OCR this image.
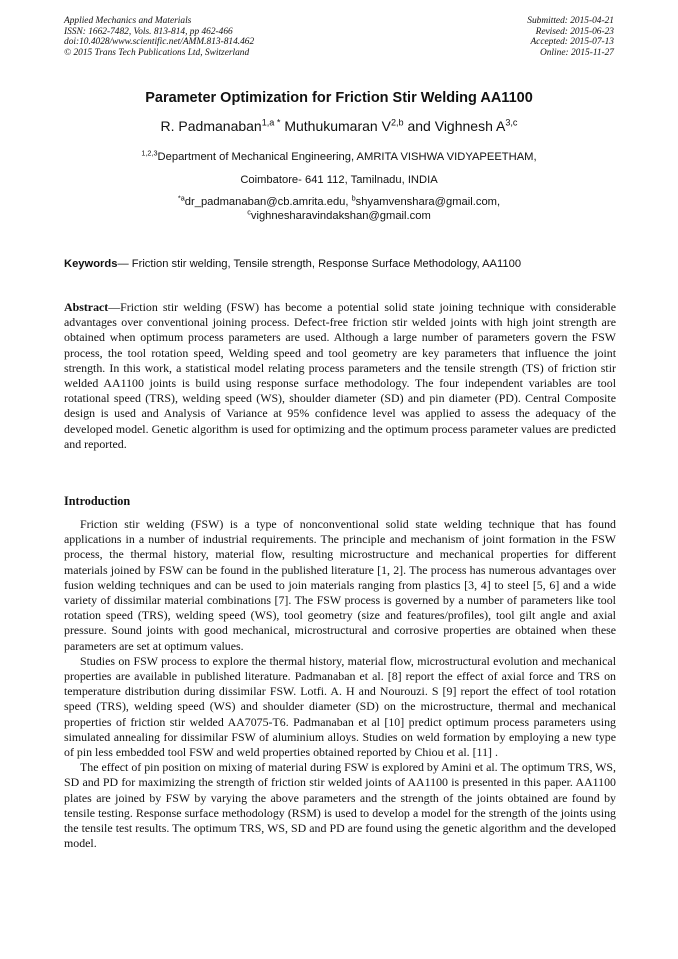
Applied Mechanics and Materials
ISSN: 1662-7482, Vols. 813-814, pp 462-466
doi:10.4028/www.scientific.net/AMM.813-814.462
© 2015 Trans Tech Publications Ltd, Switzerland
Submitted: 2015-04-21
Revised: 2015-06-23
Accepted: 2015-07-13
Online: 2015-11-27
Parameter Optimization for Friction Stir Welding AA1100
R. Padmanaban$^{1,a *}$ Muthukumaran V$^{2,b}$ and Vighnesh A$^{3,c}$
$^{1,2,3}$Department of Mechanical Engineering, AMRITA VISHWA VIDYAPEETHAM,
Coimbatore- 641 112, Tamilnadu, INDIA
$^{*a}$dr_padmanaban@cb.amrita.edu, $^b$shyamvenshara@gmail.com,
$^c$vighnesharavindakshan@gmail.com
Keywords— Friction stir welding, Tensile strength, Response Surface Methodology, AA1100

Abstract—Friction stir welding (FSW) has become a potential solid state joining technique with considerable advantages over conventional joining process. Defect-free friction stir welded joints with high joint strength are obtained when optimum process parameters are used. Although a large number of parameters govern the FSW process, the tool rotation speed, Welding speed and tool geometry are key parameters that influence the joint strength. In this work, a statistical model relating process parameters and the tensile strength (TS) of friction stir welded AA1100 joints is build using response surface methodology. The four independent variables are tool rotational speed (TRS), welding speed (WS), shoulder diameter (SD) and pin diameter (PD). Central Composite design is used and Analysis of Variance at 95% confidence level was applied to assess the adequacy of the developed model. Genetic algorithm is used for optimizing and the optimum process parameter values are predicted and reported.

Introduction

Friction stir welding (FSW) is a type of nonconventional solid state welding technique that has found applications in a number of industrial requirements. The principle and mechanism of joint formation in the FSW process, the thermal history, material flow, resulting microstructure and mechanical properties for different materials joined by FSW can be found in the published literature [1, 2]. The process has numerous advantages over fusion welding techniques and can be used to join materials ranging from plastics [3, 4] to steel [5, 6] and a wide variety of dissimilar material combinations [7]. The FSW process is governed by a number of parameters like tool rotation speed (TRS), welding speed (WS), tool geometry (size and features/profiles), tool gilt angle and axial pressure. Sound joints with good mechanical, microstructural and corrosive properties are obtained when these parameters are set at optimum values.

Studies on FSW process to explore the thermal history, material flow, microstructural evolution and mechanical properties are available in published literature. Padmanaban et al. [8] report the effect of axial force and TRS on temperature distribution during dissimilar FSW. Lotfi. A. H and Nourouzi. S [9] report the effect of tool rotation speed (TRS), welding speed (WS) and shoulder diameter (SD) on the microstructure, thermal and mechanical properties of friction stir welded AA7075-T6. Padmanaban et al [10] predict optimum process parameters using simulated annealing for dissimilar FSW of aluminium alloys. Studies on weld formation by employing a new type of pin less embedded tool FSW and weld properties obtained reported by Chiou et al. [11] .

The effect of pin position on mixing of material during FSW is explored by Amini et al. The optimum TRS, WS, SD and PD for maximizing the strength of friction stir welded joints of AA1100 is presented in this paper. AA1100 plates are joined by FSW by varying the above parameters and the strength of the joints obtained are found by tensile testing. Response surface methodology (RSM) is used to develop a model for the strength of the joints using the tensile test results. The optimum TRS, WS, SD and PD are found using the genetic algorithm and the developed model.
